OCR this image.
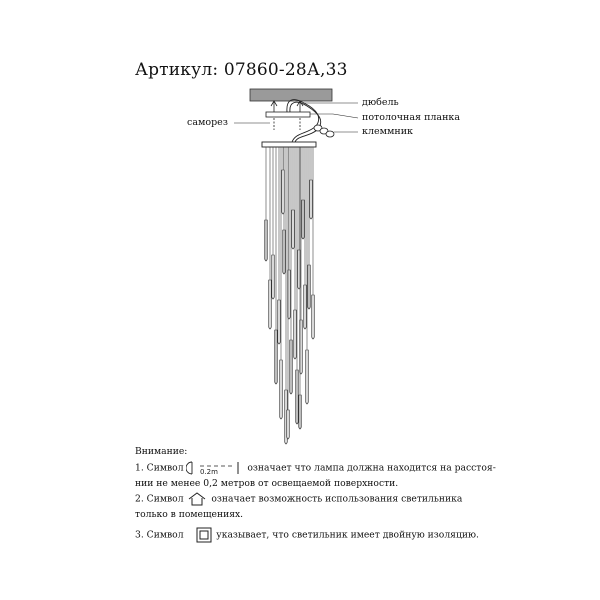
Артикул: 07860-28А,33
дюбель
потолочная планка
клеммник
саморез
Внимание:
1. Символ 0.2m	означает что лампа должна находится на расстоя-
нии не менее 0,2 метров от освещаемой поверхности.
2. Символ	означает возможность использования светильника
только в помещениях.
3. Символ	указывает, что светильник имеет двойную изоляцию.
